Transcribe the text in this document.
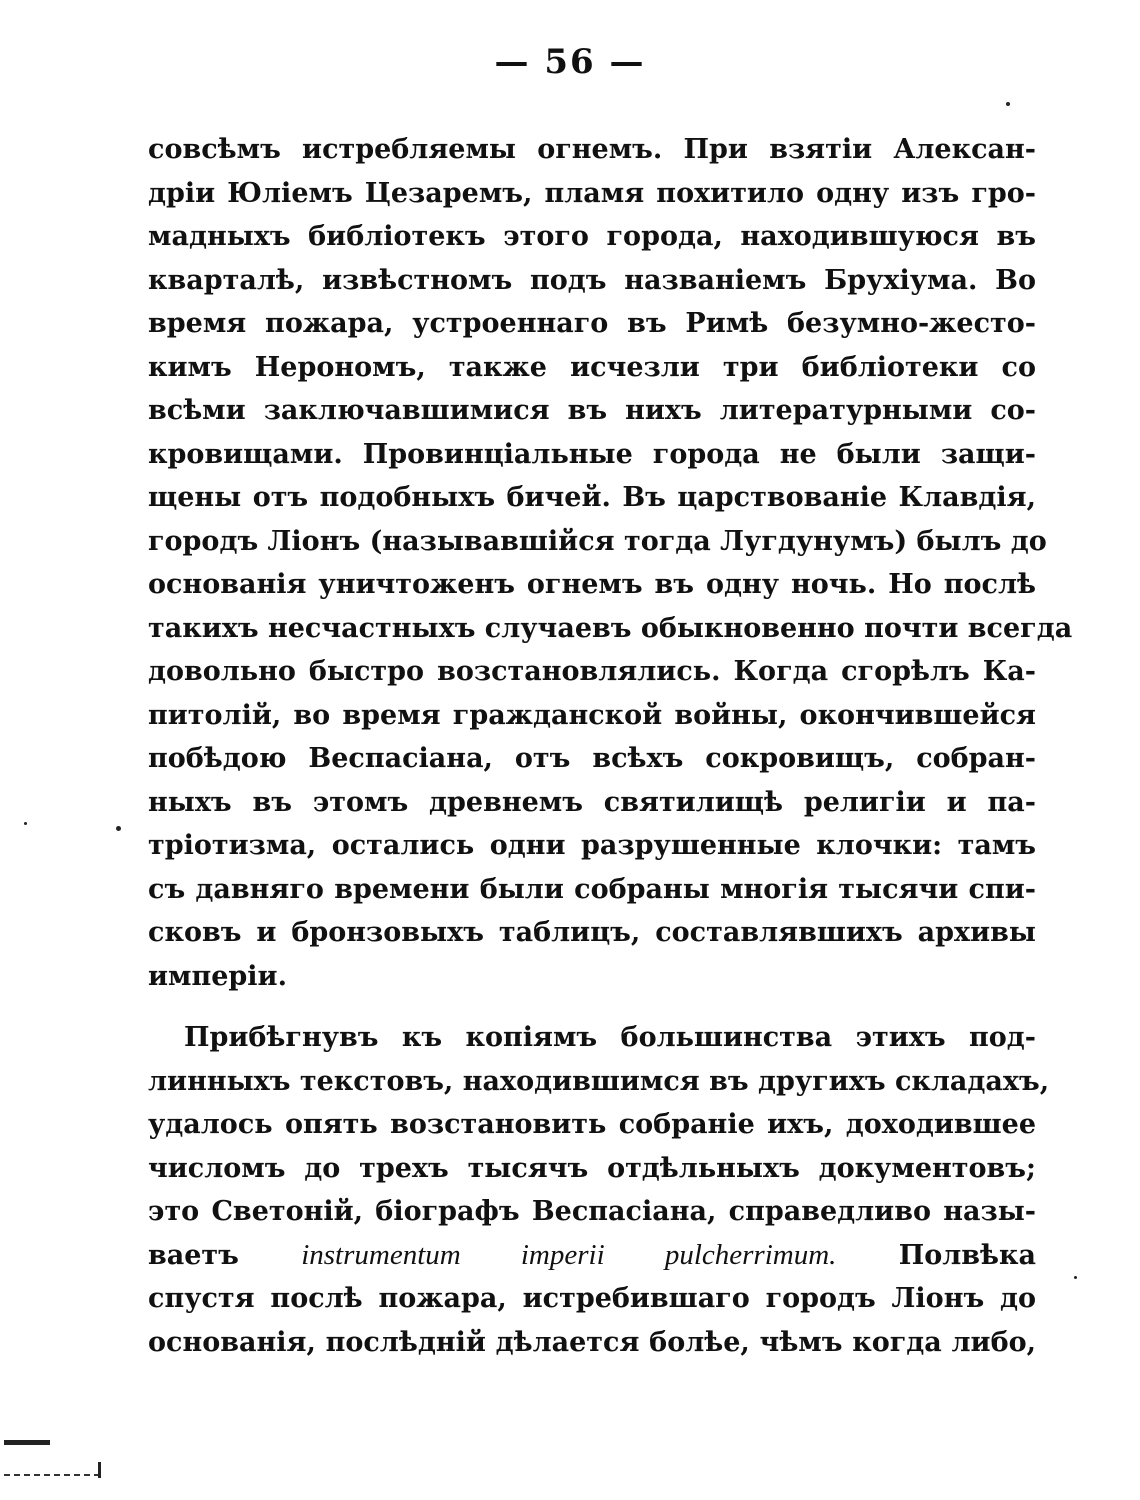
— 56 —
совсѣмъ истребляемы огнемъ. При взятіи Алексан-
дріи Юліемъ Цезаремъ, пламя похитило одну изъ гро-
мадныхъ библіотекъ этого города, находившуюся въ
кварталѣ, извѣстномъ подъ названіемъ Брухіума. Во
время пожара, устроеннаго въ Римѣ безумно-жесто-
кимъ Нерономъ, также исчезли три библіотеки со
всѣми заключавшимися въ нихъ литературными со-
кровищами. Провинціальные города не были защи-
щены отъ подобныхъ бичей. Въ царствованіе Клавдія,
городъ Ліонъ (называвшійся тогда Лугдунумъ) былъ до
основанія уничтоженъ огнемъ въ одну ночь. Но послѣ
такихъ несчастныхъ случаевъ обыкновенно почти всегда
довольно быстро возстановлялись. Когда сгорѣлъ Ка-
питолій, во время гражданской войны, окончившейся
побѣдою Веспасіана, отъ всѣхъ сокровищъ, собран-
ныхъ въ этомъ древнемъ святилищѣ религіи и па-
тріотизма, остались одни разрушенные клочки: тамъ
съ давняго времени были собраны многія тысячи спи-
сковъ и бронзовыхъ таблицъ, составлявшихъ архивы
имперіи.
Прибѣгнувъ къ копіямъ большинства этихъ под-
линныхъ текстовъ, находившимся въ другихъ складахъ,
удалось опять возстановить собраніе ихъ, доходившее
числомъ до трехъ тысячъ отдѣльныхъ документовъ;
это Светоній, біографъ Веспасіана, справедливо назы-
ваетъ instrumentum imperii pulcherrimum. Полвѣка
спустя послѣ пожара, истребившаго городъ Ліонъ до
основанія, послѣдній дѣлается болѣе, чѣмъ когда либо,
